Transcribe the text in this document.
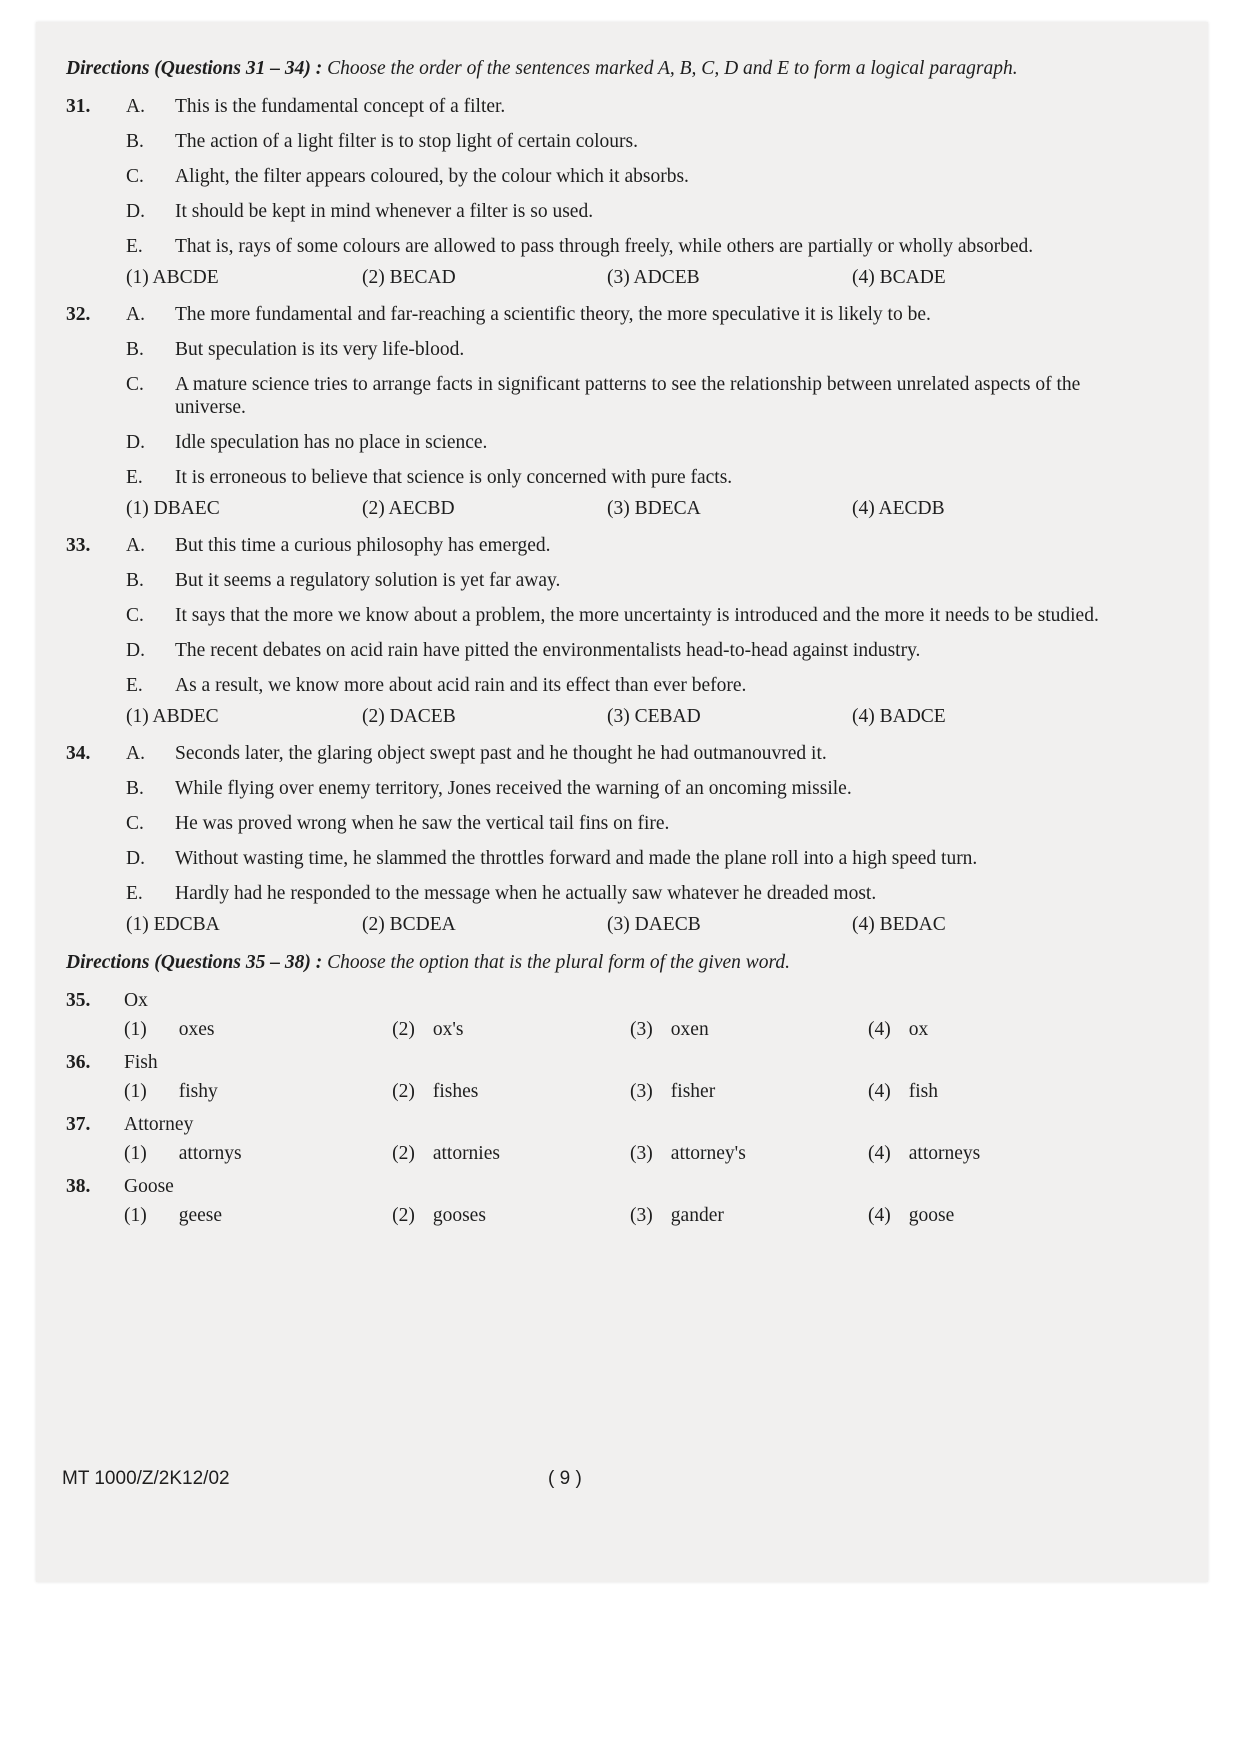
Directions (Questions 31 – 34) : Choose the order of the sentences marked A, B, C, D and E to form a logical paragraph.
31.	A. This is the fundamental concept of a filter.
B. The action of a light filter is to stop light of certain colours.
C. Alight, the filter appears coloured, by the colour which it absorbs.
D. It should be kept in mind whenever a filter is so used.
E. That is, rays of some colours are allowed to pass through freely, while others are partially or wholly absorbed.
(1) ABCDE	(2) BECAD	(3) ADCEB	(4) BCADE
32.	A. The more fundamental and far-reaching a scientific theory, the more speculative it is likely to be.
B. But speculation is its very life-blood.
C. A mature science tries to arrange facts in significant patterns to see the relationship between unrelated aspects of the universe.
D. Idle speculation has no place in science.
E. It is erroneous to believe that science is only concerned with pure facts.
(1) DBAEC	(2) AECBD	(3) BDECA	(4) AECDB
33.	A. But this time a curious philosophy has emerged.
B. But it seems a regulatory solution is yet far away.
C. It says that the more we know about a problem, the more uncertainty is introduced and the more it needs to be studied.
D. The recent debates on acid rain have pitted the environmentalists head-to-head against industry.
E. As a result, we know more about acid rain and its effect than ever before.
(1) ABDEC	(2) DACEB	(3) CEBAD	(4) BADCE
34.	A. Seconds later, the glaring object swept past and he thought he had outmanouvred it.
B. While flying over enemy territory, Jones received the warning of an oncoming missile.
C. He was proved wrong when he saw the vertical tail fins on fire.
D. Without wasting time, he slammed the throttles forward and made the plane roll into a high speed turn.
E. Hardly had he responded to the message when he actually saw whatever he dreaded most.
(1) EDCBA	(2) BCDEA	(3) DAECB	(4) BEDAC
Directions (Questions 35 – 38) : Choose the option that is the plural form of the given word.
35.	Ox
(1) oxes	(2) ox's	(3) oxen	(4) ox
36.	Fish
(1) fishy	(2) fishes	(3) fisher	(4) fish
37.	Attorney
(1) attornys	(2) attornies	(3) attorney's	(4) attorneys
38.	Goose
(1) geese	(2) gooses	(3) gander	(4) goose
MT 1000/Z/2K12/02	( 9 )
